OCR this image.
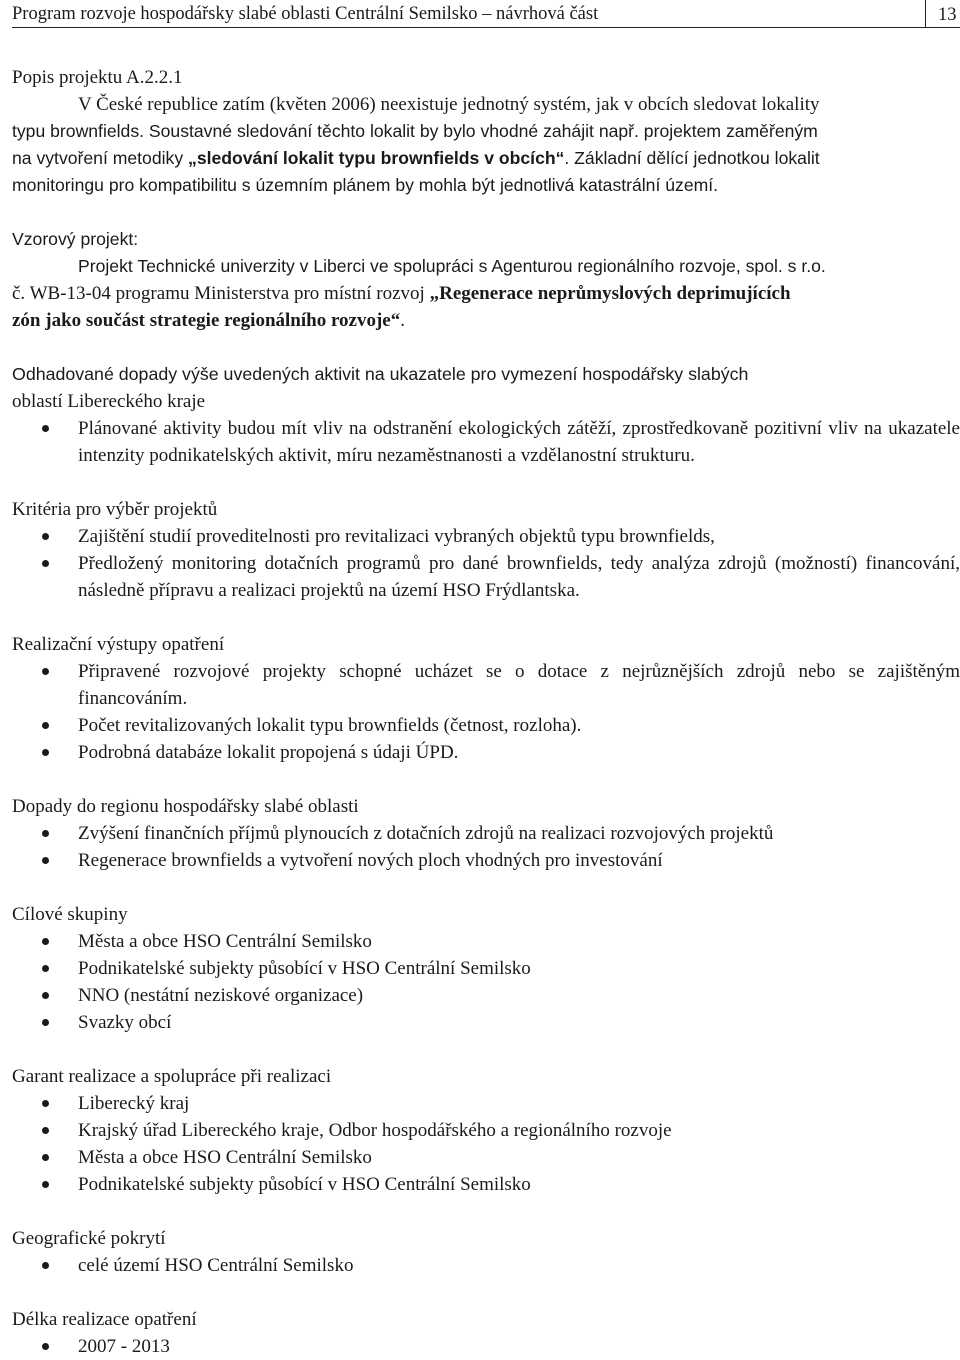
Program rozvoje hospodářsky slabé oblasti Centrální Semilsko – návrhová část	13
Popis projektu A.2.2.1
V České republice zatím (květen 2006) neexistuje jednotný systém, jak v obcích sledovat lokality
typu brownfields. Soustavné sledování těchto lokalit by bylo vhodné zahájit např. projektem zaměřeným
na vytvoření metodiky „sledování lokalit typu brownfields v obcích“. Základní dělící jednotkou lokalit
monitoringu pro kompatibilitu s územním plánem by mohla být jednotlivá katastrální území.
Vzorový projekt:
Projekt Technické univerzity v Liberci ve spolupráci s Agenturou regionálního rozvoje, spol. s r.o.
č. WB-13-04 programu Ministerstva pro místní rozvoj „Regenerace neprůmyslových deprimujících
zón jako součást strategie regionálního rozvoje“.
Odhadované dopady výše uvedených aktivit na ukazatele pro vymezení hospodářsky slabých
oblastí Libereckého kraje
Plánované aktivity budou mít vliv na odstranění ekologických zátěží, zprostředkovaně pozitivní vliv na ukazatele intenzity podnikatelských aktivit, míru nezaměstnanosti a vzdělanostní strukturu.
Kritéria pro výběr projektů
Zajištění studií proveditelnosti pro revitalizaci vybraných objektů typu brownfields,
Předložený monitoring dotačních programů pro dané brownfields, tedy analýza zdrojů (možností) financování, následně přípravu a realizaci projektů na území HSO Frýdlantska.
Realizační výstupy opatření
Připravené rozvojové projekty schopné ucházet se o dotace z nejrůznějších zdrojů nebo se zajištěným financováním.
Počet revitalizovaných lokalit typu brownfields (četnost, rozloha).
Podrobná databáze lokalit propojená s údaji ÚPD.
Dopady do regionu hospodářsky slabé oblasti
Zvýšení finančních příjmů plynoucích z dotačních zdrojů na realizaci rozvojových projektů
Regenerace brownfields a vytvoření nových ploch vhodných pro investování
Cílové skupiny
Města a obce HSO Centrální Semilsko
Podnikatelské subjekty působící v HSO Centrální Semilsko
NNO (nestátní neziskové organizace)
Svazky obcí
Garant realizace a spolupráce při realizaci
Liberecký kraj
Krajský úřad Libereckého kraje, Odbor hospodářského a regionálního rozvoje
Města a obce HSO Centrální Semilsko
Podnikatelské subjekty působící v HSO Centrální Semilsko
Geografické pokrytí
celé území HSO Centrální Semilsko
Délka realizace opatření
2007 - 2013
